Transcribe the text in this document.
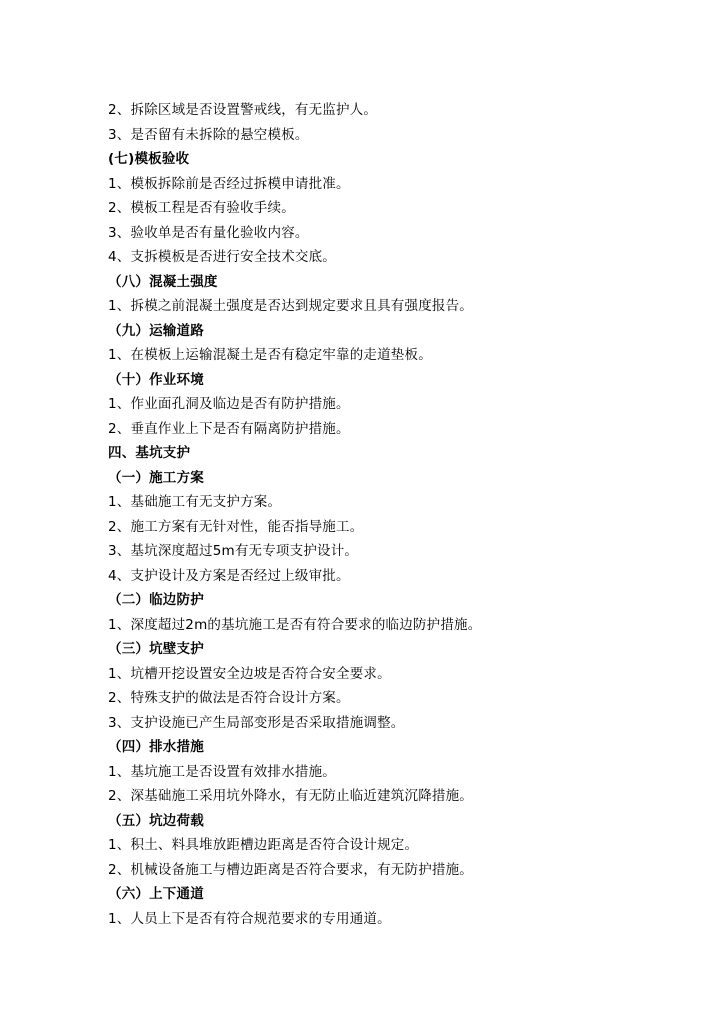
2、拆除区域是否设置警戒线，有无监护人。
3、是否留有未拆除的悬空模板。
(七)模板验收
1、模板拆除前是否经过拆模申请批准。
2、模板工程是否有验收手续。
3、验收单是否有量化验收内容。
4、支拆模板是否进行安全技术交底。
（八）混凝土强度
1、拆模之前混凝土强度是否达到规定要求且具有强度报告。
（九）运输道路
1、在模板上运输混凝土是否有稳定牢靠的走道垫板。
（十）作业环境
1、作业面孔洞及临边是否有防护措施。
2、垂直作业上下是否有隔离防护措施。
四、基坑支护
（一）施工方案
1、基础施工有无支护方案。
2、施工方案有无针对性，能否指导施工。
3、基坑深度超过5m有无专项支护设计。
4、支护设计及方案是否经过上级审批。
（二）临边防护
1、深度超过2m的基坑施工是否有符合要求的临边防护措施。
（三）坑壁支护
1、坑槽开挖设置安全边坡是否符合安全要求。
2、特殊支护的做法是否符合设计方案。
3、支护设施已产生局部变形是否采取措施调整。
（四）排水措施
1、基坑施工是否设置有效排水措施。
2、深基础施工采用坑外降水，有无防止临近建筑沉降措施。
（五）坑边荷载
1、积土、料具堆放距槽边距离是否符合设计规定。
2、机械设备施工与槽边距离是否符合要求，有无防护措施。
（六）上下通道
1、人员上下是否有符合规范要求的专用通道。
